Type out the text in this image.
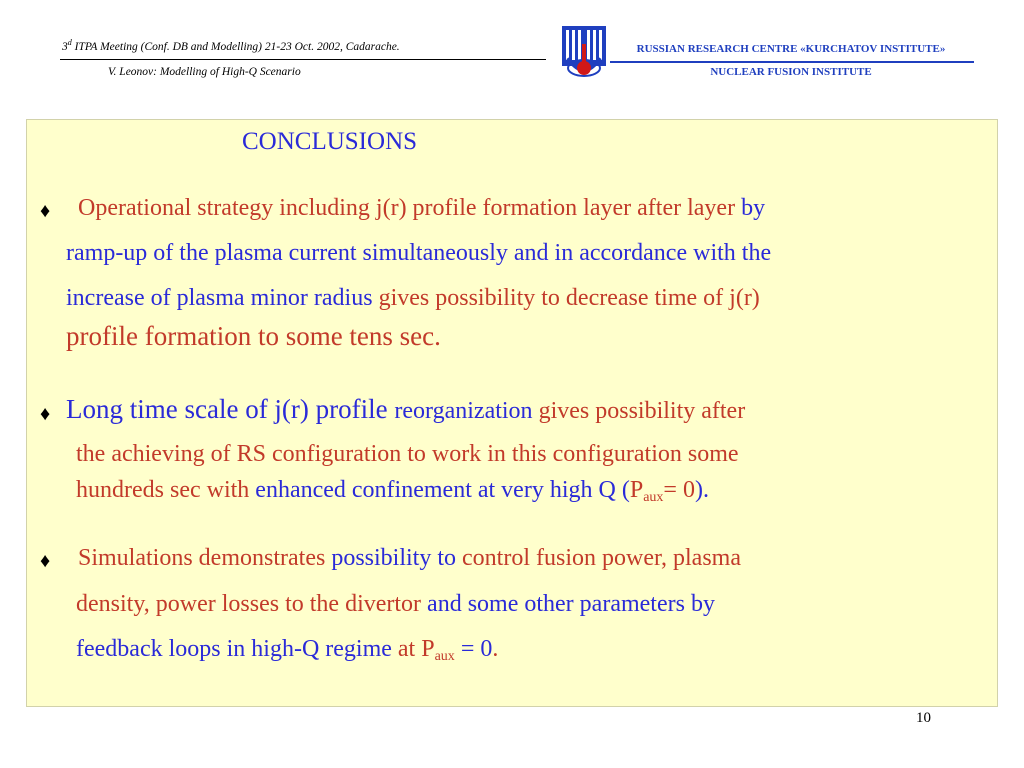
3$^d$ ITPA Meeting (Conf. DB and Modelling) 21-23 Oct. 2002, Cadarache.
V. Leonov: Modelling of High-Q Scenario
RUSSIAN RESEARCH CENTRE «KURCHATOV INSTITUTE»
NUCLEAR FUSION INSTITUTE
CONCLUSIONS
♦ Operational strategy including j(r) profile formation layer after layer by
ramp-up of the plasma current simultaneously and in accordance with the
increase of plasma minor radius gives possibility to decrease time of j(r)
profile formation to some tens sec.
♦ Long time scale of j(r) profile reorganization gives possibility after
the achieving of RS configuration to work in this configuration some
hundreds sec with enhanced confinement at very high Q $(P_{aux}= 0)$.
♦ Simulations demonstrates possibility to control fusion power, plasma
density, power losses to the divertor and some other parameters by
feedback loops in high-Q regime at $P_{aux} = 0$.
10
